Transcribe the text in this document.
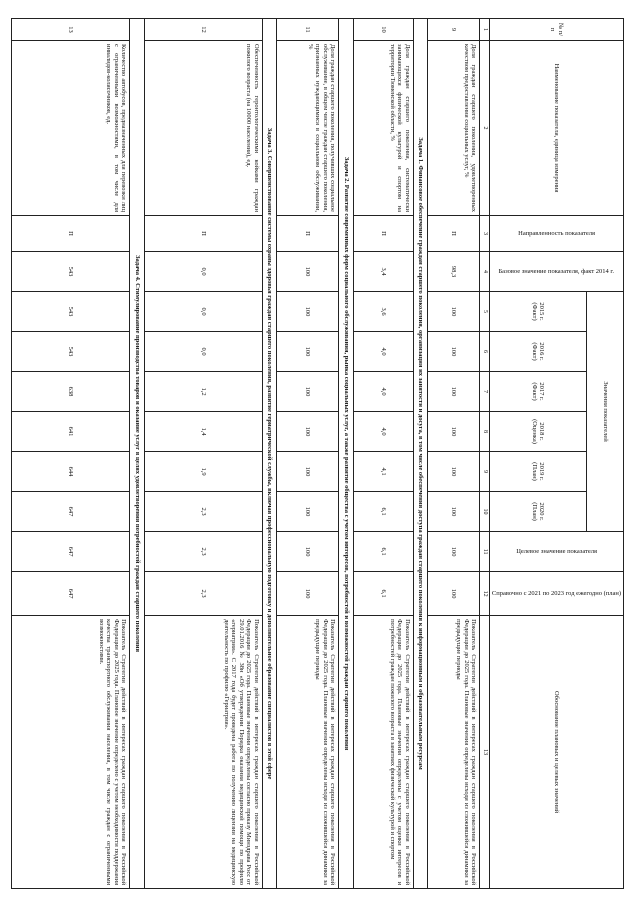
№ п/п	Наименование показателя, единица измерения	Направленность показателя	Базовое значение показателя, факт 2014 г.	Значения показателей						Целевое значение показателя	Справочно с 2021 по 2023 год ежегодно (план)	Обоснование плановых и целевых значений
				2015 г. (Факт)	2016 г. (Факт)	2017 г. (Факт)	2018 г. (Оценка)	2019 г. (План)	2020 г. (План)			
1	2	3	4	5	6	7	8	9	10	11	12	13
9	Доля граждан старшего поколения, удовлетворенных качеством предоставления социальных услуг, %	П	98,3	100	100	100	100	100	100	100	100	Показатель Стратегии действий в интересах граждан старшего поколения в Российской Федерации до 2025 года. Плановые значения определены исходя из сложившейся динамики за предыдущие периоды
Задача 1. Финансовое обеспечение граждан старшего поколения, организация их занятости и досуга, в том числе обеспечения доступа граждан старшего поколения к информационным и образовательным ресурсам												
10	Доля граждан старшего поколения, систематически занимающихся физической культурой и спортом на территории Тюменской области, %	П	3,4	3,6	4,0	4,0	4,0	4,1	6,1	6,1	6,1	Показатель Стратегии действий в интересах граждан старшего поколения в Российской Федерации до 2025 года. Плановые значения определены с учетом оценки интересов и потребностей граждан пожилого возраста в занятиях физической культурой и спортом
Задача 2. Развитие современных форм социального обслуживания, рынка социальных услуг, а также развитие общества с учетом интересов, потребностей и возможностей граждан старшего поколения												
11	Доля граждан старшего поколения, получивших социальное обслуживание, в общем числе граждан старшего поколения, признанных нуждающимися в социальном обслуживании, %	П	100	100	100	100	100	100	100	100	100	Показатель Стратегии действий в интересах граждан старшего поколения в Российской Федерации до 2025 года. Плановые значения определены исходя из сложившейся динамики за предыдущие периоды
Задача 3. Совершенствование системы охраны здоровья граждан старшего поколения, развитие гериатрической службы, включая профессиональную подготовку и дополнительное образование специалистов в этой сфере												
12	Обеспеченность геронтологическими койками граждан пожилого возраста (на 10000 населения), ед.	П	0,0	0,0	0,0	1,2	1,4	1,9	2,3	2,3	2,3	Показатель Стратегии действий в интересах граждан старшего поколения в Российской Федерации до 2025 года. Плановые значения определены согласно приказу Минздрава Росс от 29.01.2016 № 38н «Об утверждении Порядка оказания медицинской помощи по профилю «гериатрия». С 2017 года будет проведена работа по получению лицензии на медицинскую деятельность по профилю «Гериатрия».
Задача 4. Стимулирование производства товаров и оказание услуг в целях удовлетворения потребностей граждан старшего поколения												
13	Количество автобусов, предназначенных для перевозки лиц с ограниченными возможностями, в том числе для инвалидов-колясочников, ед.	П	543	543	543	638	641	644	647	647	647	Показатель Стратегии действий в интересах граждан старшего поколения в Российской Федерации до 2025 года. Плановое значение определено с учетом необходимости поддержания качества транспортного обслуживания населения, в том числе граждан с ограниченными возможностями.
